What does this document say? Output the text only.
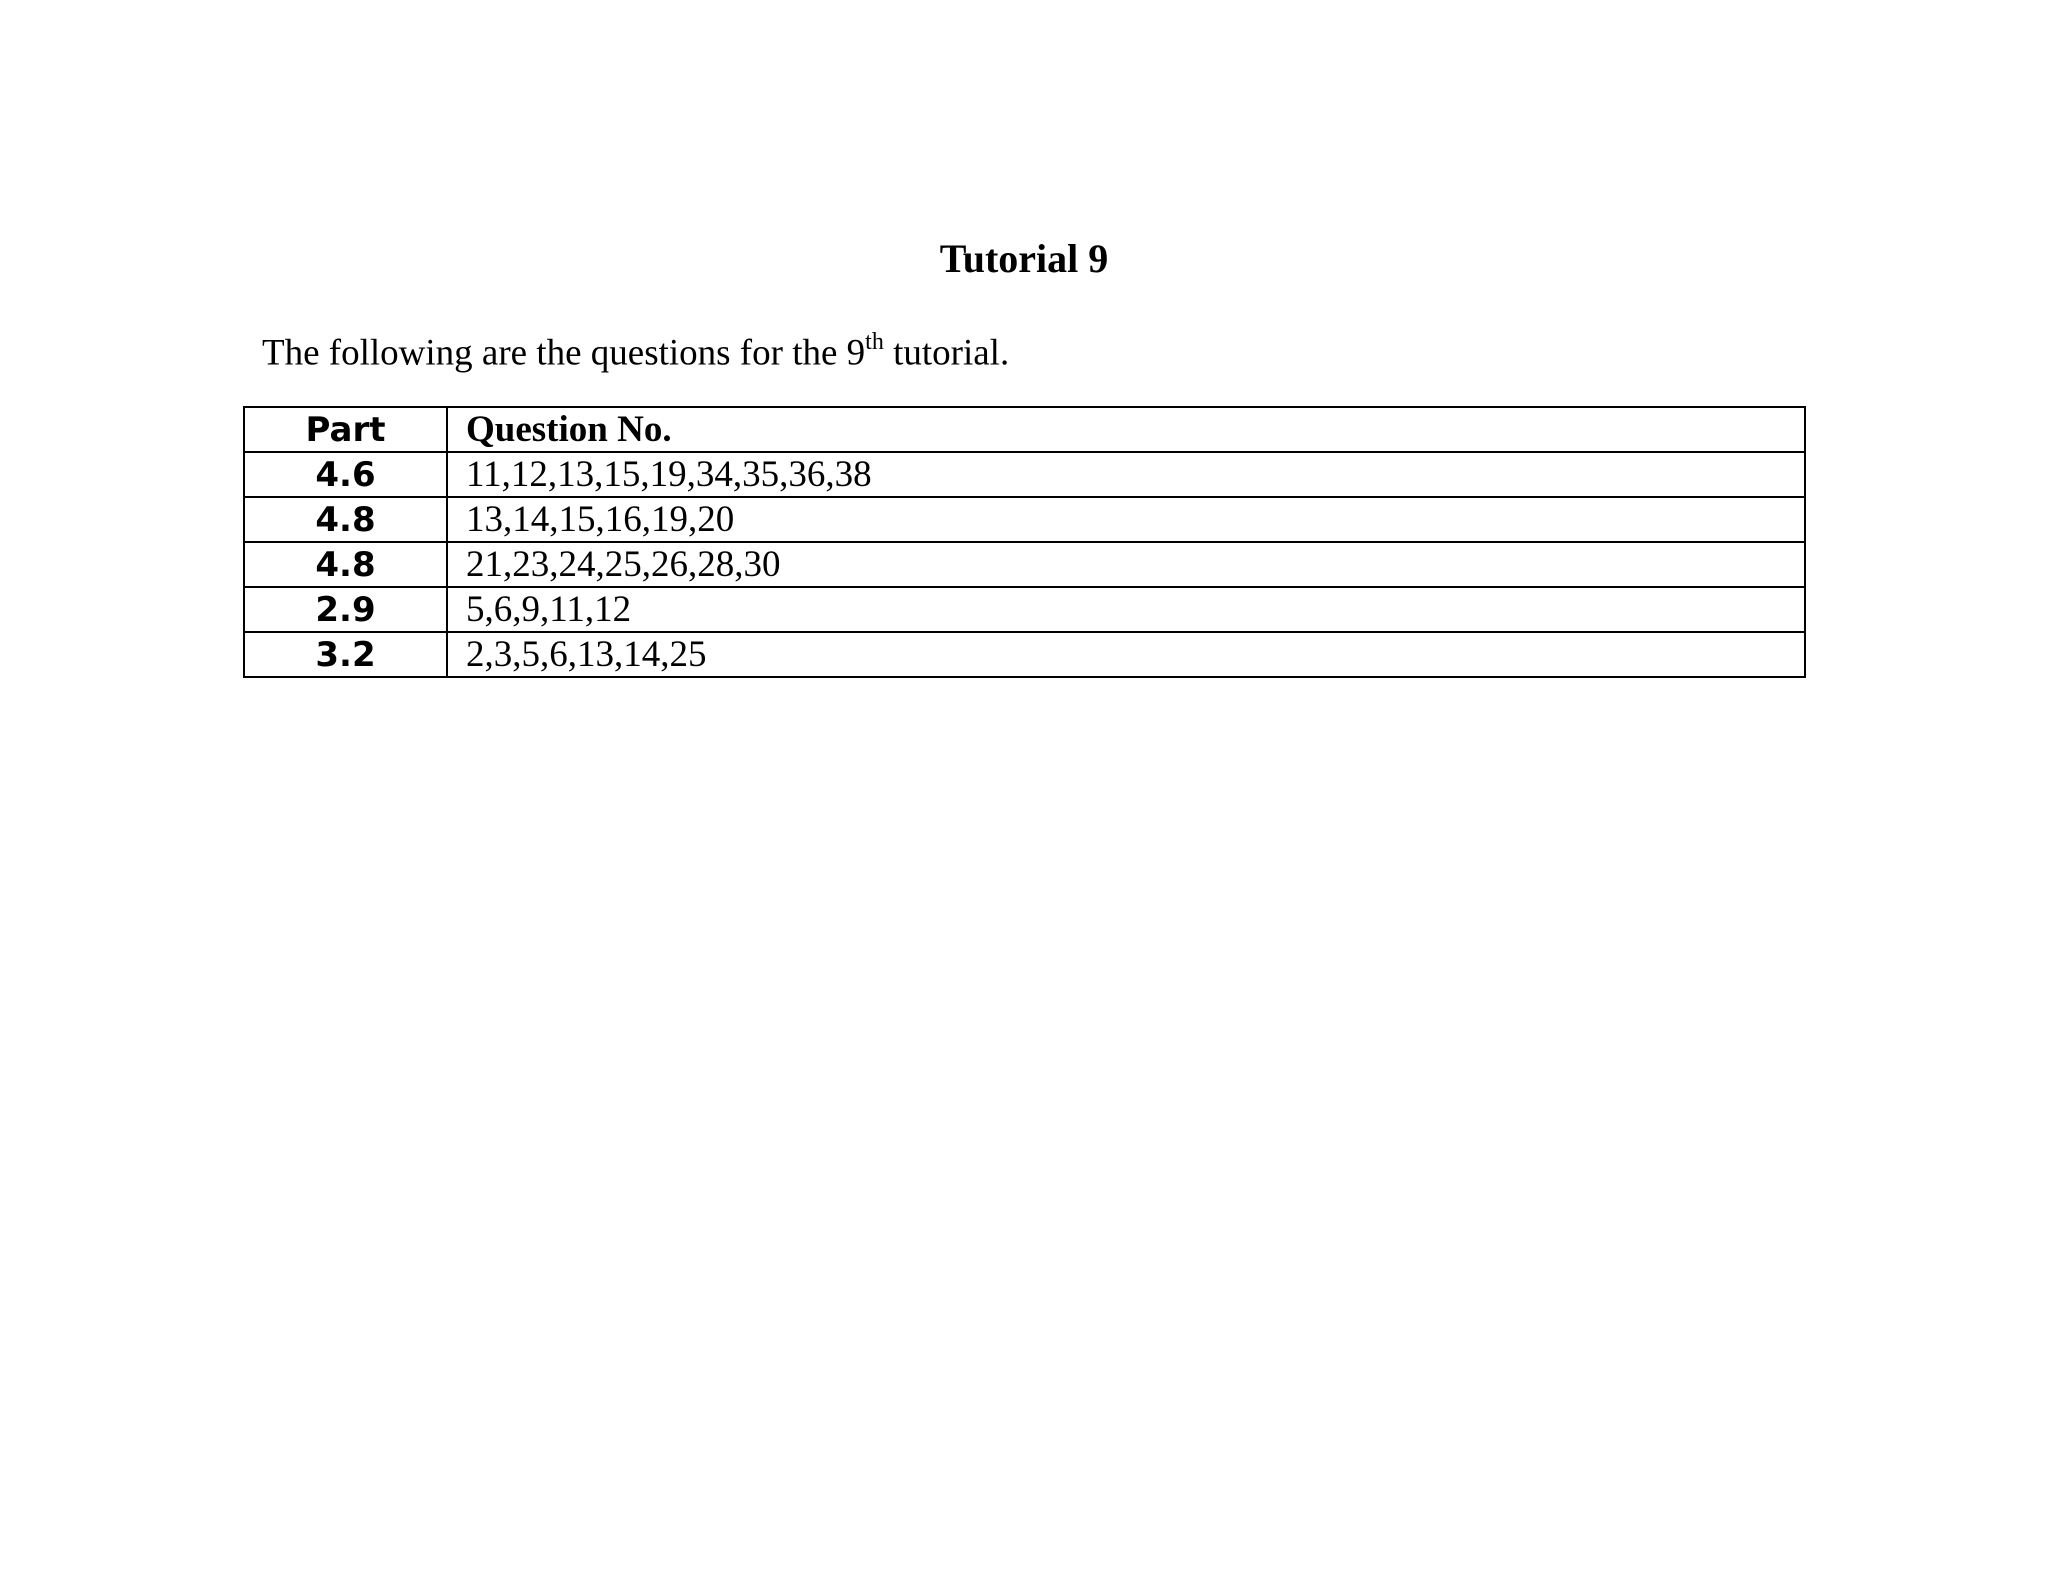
Tutorial 9

The following are the questions for the 9th tutorial.

Part	Question No.
4.6	11,12,13,15,19,34,35,36,38
4.8	13,14,15,16,19,20
4.8	21,23,24,25,26,28,30
2.9	5,6,9,11,12
3.2	2,3,5,6,13,14,25
